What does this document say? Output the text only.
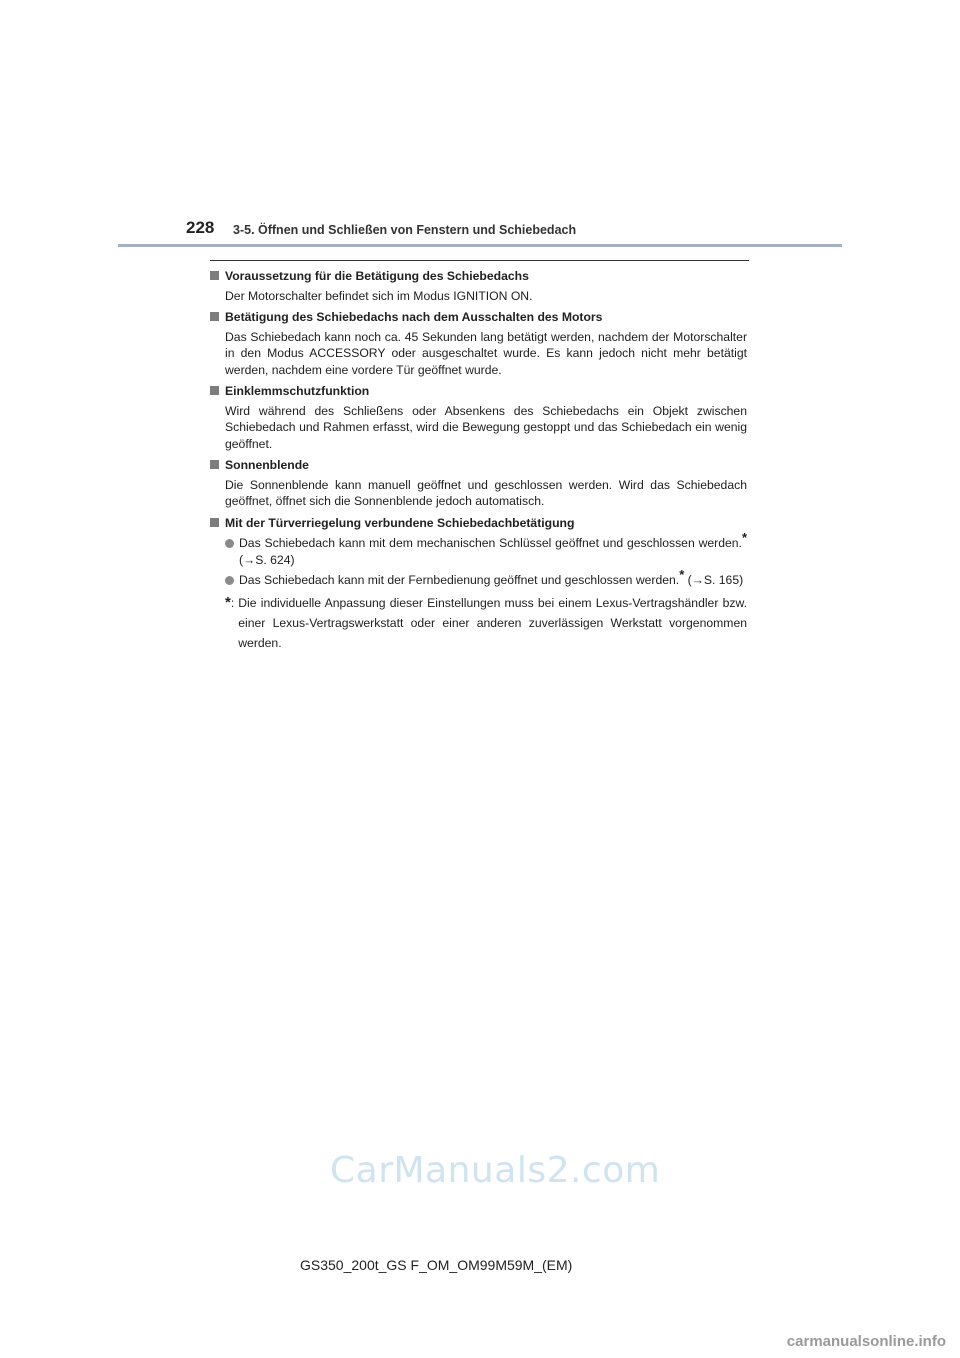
228 3-5. Öffnen und Schließen von Fenstern und Schiebedach
Voraussetzung für die Betätigung des Schiebedachs
Der Motorschalter befindet sich im Modus IGNITION ON.
Betätigung des Schiebedachs nach dem Ausschalten des Motors
Das Schiebedach kann noch ca. 45 Sekunden lang betätigt werden, nachdem der Motorschalter in den Modus ACCESSORY oder ausgeschaltet wurde. Es kann jedoch nicht mehr betätigt werden, nachdem eine vordere Tür geöffnet wurde.
Einklemmschutzfunktion
Wird während des Schließens oder Absenkens des Schiebedachs ein Objekt zwischen Schiebedach und Rahmen erfasst, wird die Bewegung gestoppt und das Schiebedach ein wenig geöffnet.
Sonnenblende
Die Sonnenblende kann manuell geöffnet und geschlossen werden. Wird das Schiebedach geöffnet, öffnet sich die Sonnenblende jedoch automatisch.
Mit der Türverriegelung verbundene Schiebedachbetätigung
Das Schiebedach kann mit dem mechanischen Schlüssel geöffnet und geschlossen werden.* (→S. 624)
Das Schiebedach kann mit der Fernbedienung geöffnet und geschlossen werden.* (→S. 165)
*: Die individuelle Anpassung dieser Einstellungen muss bei einem Lexus-Vertragshändler bzw. einer Lexus-Vertragswerkstatt oder einer anderen zuverlässigen Werkstatt vorgenommen werden.
CarManuals2.com
GS350_200t_GS F_OM_OM99M59M_(EM)
carmanualsonline.info
